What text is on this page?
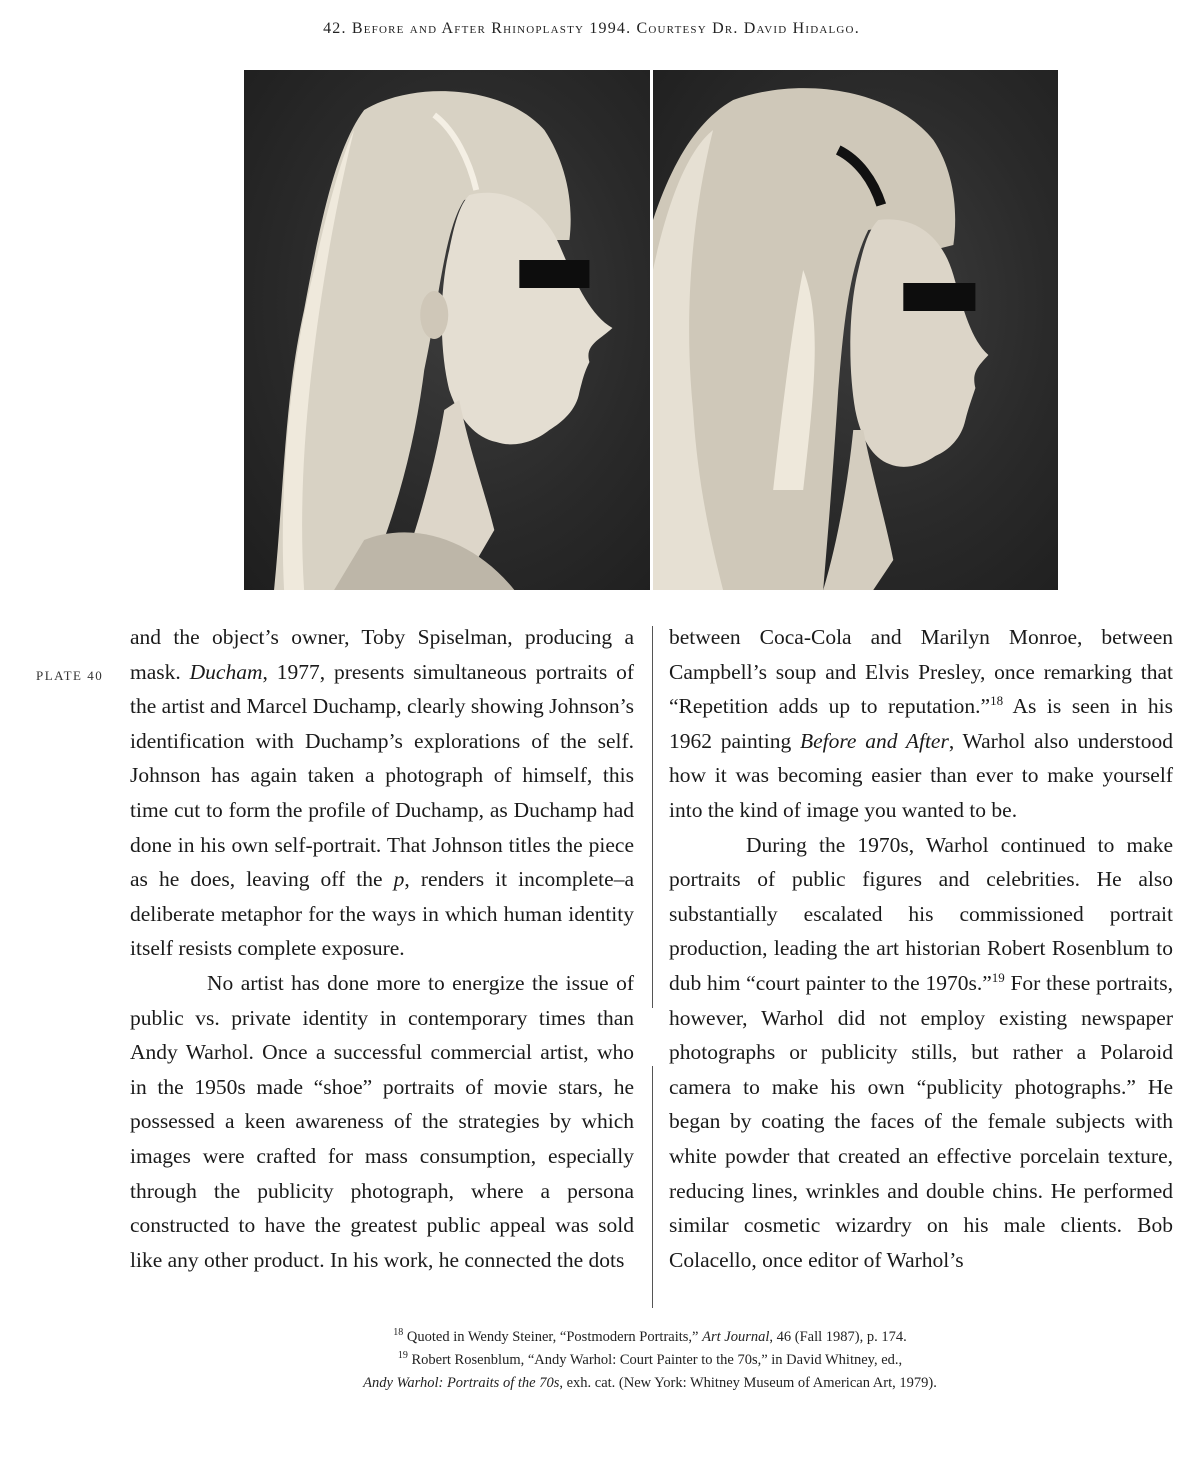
42. Before and After Rhinoplasty 1994. Courtesy Dr. David Hidalgo.
PLATE 40

and the object’s owner, Toby Spiselman, producing a mask. Ducham, 1977, presents simultaneous portraits of the artist and Marcel Duchamp, clearly showing Johnson’s identification with Duchamp’s explorations of the self. Johnson has again taken a photograph of himself, this time cut to form the profile of Duchamp, as Duchamp had done in his own self-portrait. That Johnson titles the piece as he does, leaving off the p, renders it incomplete–a deliberate metaphor for the ways in which human identity itself resists complete exposure.

No artist has done more to energize the issue of public vs. private identity in contemporary times than Andy Warhol. Once a successful commercial artist, who in the 1950s made “shoe” portraits of movie stars, he possessed a keen awareness of the strategies by which images were crafted for mass consumption, especially through the publicity photograph, where a persona constructed to have the greatest public appeal was sold like any other product. In his work, he connected the dots

between Coca-Cola and Marilyn Monroe, between Campbell’s soup and Elvis Presley, once remarking that “Repetition adds up to reputation.”$^{18}$ As is seen in his 1962 painting Before and After, Warhol also understood how it was becoming easier than ever to make yourself into the kind of image you wanted to be.

During the 1970s, Warhol continued to make portraits of public figures and celebrities. He also substantially escalated his commissioned portrait production, leading the art historian Robert Rosenblum to dub him “court painter to the 1970s.”$^{19}$ For these portraits, however, Warhol did not employ existing newspaper photographs or publicity stills, but rather a Polaroid camera to make his own “publicity photographs.” He began by coating the faces of the female subjects with white powder that created an effective porcelain texture, reducing lines, wrinkles and double chins. He performed similar cosmetic wizardry on his male clients. Bob Colacello, once editor of Warhol’s

$^{18}$ Quoted in Wendy Steiner, “Postmodern Portraits,” Art Journal, 46 (Fall 1987), p. 174.
$^{19}$ Robert Rosenblum, “Andy Warhol: Court Painter to the 70s,” in David Whitney, ed.,
Andy Warhol: Portraits of the 70s, exh. cat. (New York: Whitney Museum of American Art, 1979).
